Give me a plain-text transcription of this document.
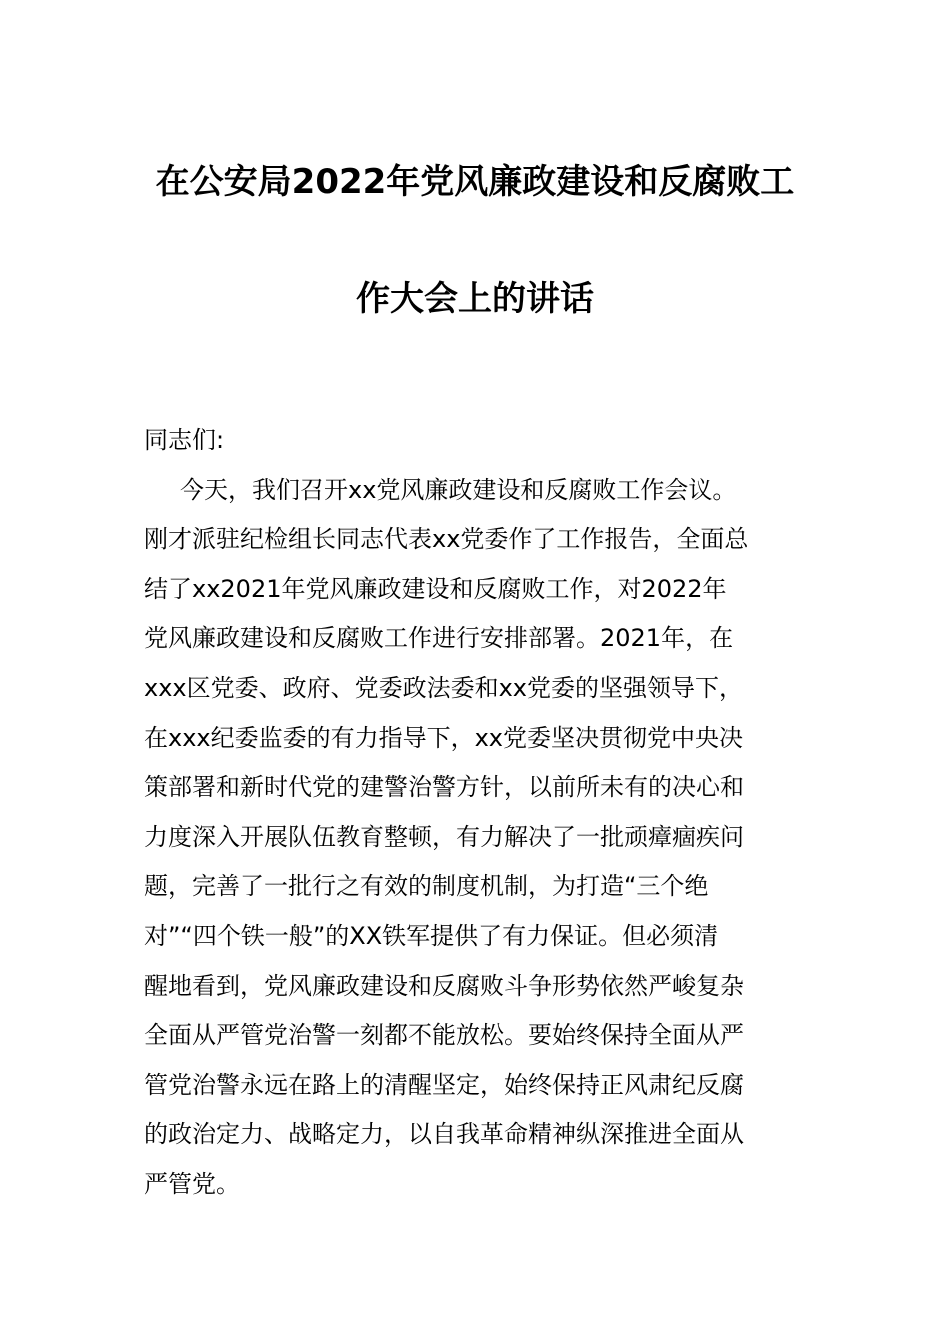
在公安局2022年党风廉政建设和反腐败工
作大会上的讲话
同志们:
今天，我们召开xx党风廉政建设和反腐败工作会议。
刚才派驻纪检组长同志代表xx党委作了工作报告，全面总
结了xx2021年党风廉政建设和反腐败工作，对2022年
党风廉政建设和反腐败工作进行安排部署。2021年，在
xxx区党委、政府、党委政法委和xx党委的坚强领导下，
在xxx纪委监委的有力指导下，xx党委坚决贯彻党中央决
策部署和新时代党的建警治警方针，以前所未有的决心和
力度深入开展队伍教育整顿，有力解决了一批顽瘴痼疾问
题，完善了一批行之有效的制度机制，为打造“三个绝
对”“四个铁一般”的XX铁军提供了有力保证。但必须清
醒地看到，党风廉政建设和反腐败斗争形势依然严峻复杂
全面从严管党治警一刻都不能放松。要始终保持全面从严
管党治警永远在路上的清醒坚定，始终保持正风肃纪反腐
的政治定力、战略定力，以自我革命精神纵深推进全面从
严管党。
